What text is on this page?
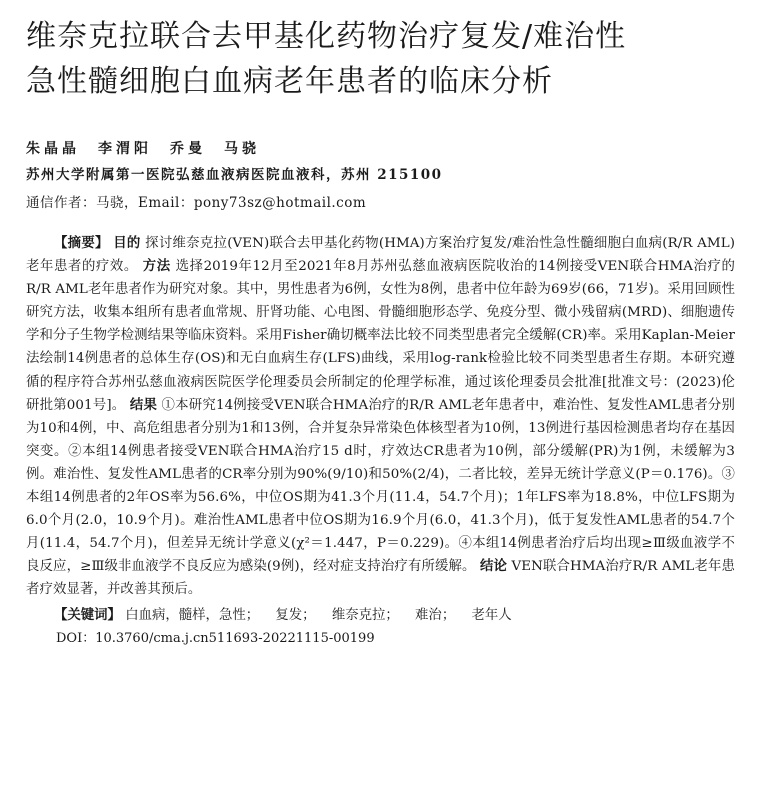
维奈克拉联合去甲基化药物治疗复发/难治性
急性髓细胞白血病老年患者的临床分析
朱晶晶　李渭阳　乔曼　马骁
苏州大学附属第一医院弘慈血液病医院血液科，苏州 215100
通信作者：马骁，Email：pony73sz@hotmail.com
【摘要】 目的 探讨维奈克拉(VEN)联合去甲基化药物(HMA)方案治疗复发/难治性急性髓细胞白血病(R/R AML)老年患者的疗效。 方法 选择2019年12月至2021年8月苏州弘慈血液病医院收治的14例接受VEN联合HMA治疗的R/R AML老年患者作为研究对象。其中，男性患者为6例，女性为8例，患者中位年龄为69岁(66，71岁)。采用回顾性研究方法，收集本组所有患者血常规、肝肾功能、心电图、骨髓细胞形态学、免疫分型、微小残留病(MRD)、细胞遗传学和分子生物学检测结果等临床资料。采用Fisher确切概率法比较不同类型患者完全缓解(CR)率。采用Kaplan-Meier法绘制14例患者的总体生存(OS)和无白血病生存(LFS)曲线，采用log-rank检验比较不同类型患者生存期。本研究遵循的程序符合苏州弘慈血液病医院医学伦理委员会所制定的伦理学标准，通过该伦理委员会批准[批准文号：(2023)伦研批第001号]。 结果 ①本研究14例接受VEN联合HMA治疗的R/R AML老年患者中，难治性、复发性AML患者分别为10和4例，中、高危组患者分别为1和13例，合并复杂异常染色体核型者为10例，13例进行基因检测患者均存在基因突变。②本组14例患者接受VEN联合HMA治疗15 d时，疗效达CR患者为10例，部分缓解(PR)为1例，未缓解为3例。难治性、复发性AML患者的CR率分别为90%(9/10)和50%(2/4)，二者比较，差异无统计学意义(P＝0.176)。③本组14例患者的2年OS率为56.6%，中位OS期为41.3个月(11.4，54.7个月)；1年LFS率为18.8%，中位LFS期为6.0个月(2.0，10.9个月)。难治性AML患者中位OS期为16.9个月(6.0，41.3个月)，低于复发性AML患者的54.7个月(11.4，54.7个月)，但差异无统计学意义(χ²＝1.447，P＝0.229)。④本组14例患者治疗后均出现≥Ⅲ级血液学不良反应，≥Ⅲ级非血液学不良反应为感染(9例)，经对症支持治疗有所缓解。 结论 VEN联合HMA治疗R/R AML老年患者疗效显著，并改善其预后。
【关键词】 白血病，髓样，急性； 复发； 维奈克拉； 难治； 老年人
DOI：10.3760/cma.j.cn511693-20221115-00199
